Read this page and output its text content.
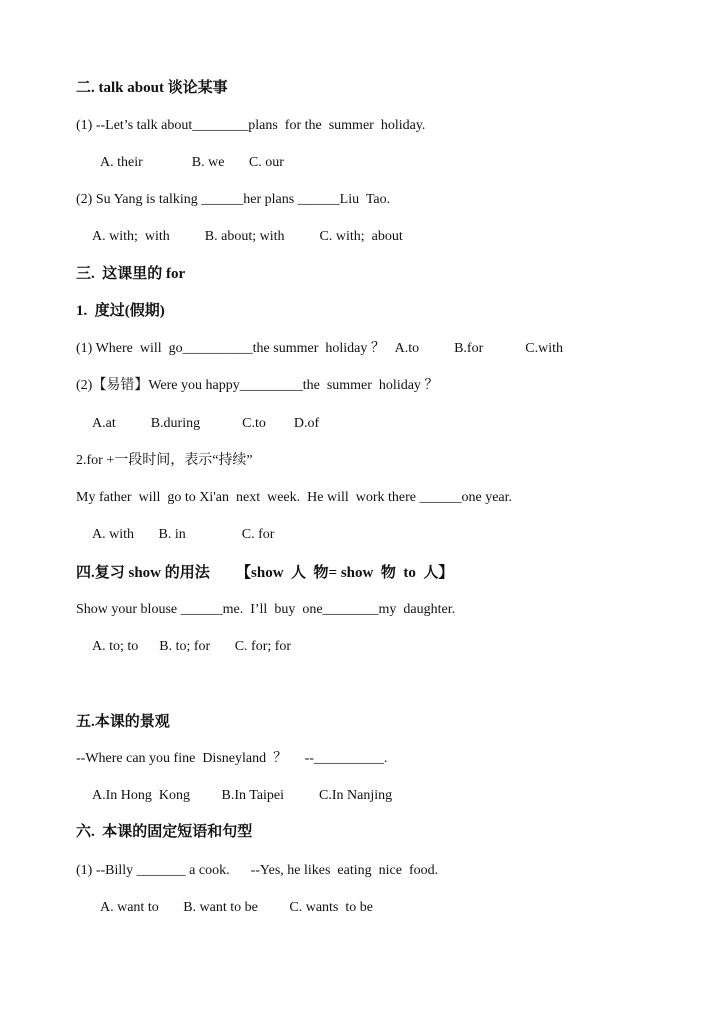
二. talk about 谈论某事
(1) --Let’s talk about________plans  for the  summer  holiday.
A. their              B. we       C. our
(2) Su Yang is talking ______her plans ______Liu  Tao.
A. with;  with          B. about; with          C. with;  about
三.  这课里的 for
1.  度过(假期)
(1) Where  will  go__________the summer  holiday ？   A.to          B.for            C.with
(2)【易错】Were you happy_________the  summer  holiday ？
A.at          B.during            C.to        D.of
2.for +一段时间，表示“持续”
My father  will  go to Xi'an  next  week.  He will  work there ______one year.
A. with       B. in                C. for
四.复习 show 的用法       【show  人  物= show  物  to  人】
Show your blouse ______me.  I’ll  buy  one________my  daughter.
A. to; to      B. to; for       C. for; for
五.本课的景观
--Where can you fine  Disneyland  ？     --__________.
A.In Hong  Kong         B.In Taipei          C.In Nanjing
六.  本课的固定短语和句型
(1) --Billy _______ a cook.      --Yes, he likes  eating  nice  food.
A. want to       B. want to be         C. wants  to be
